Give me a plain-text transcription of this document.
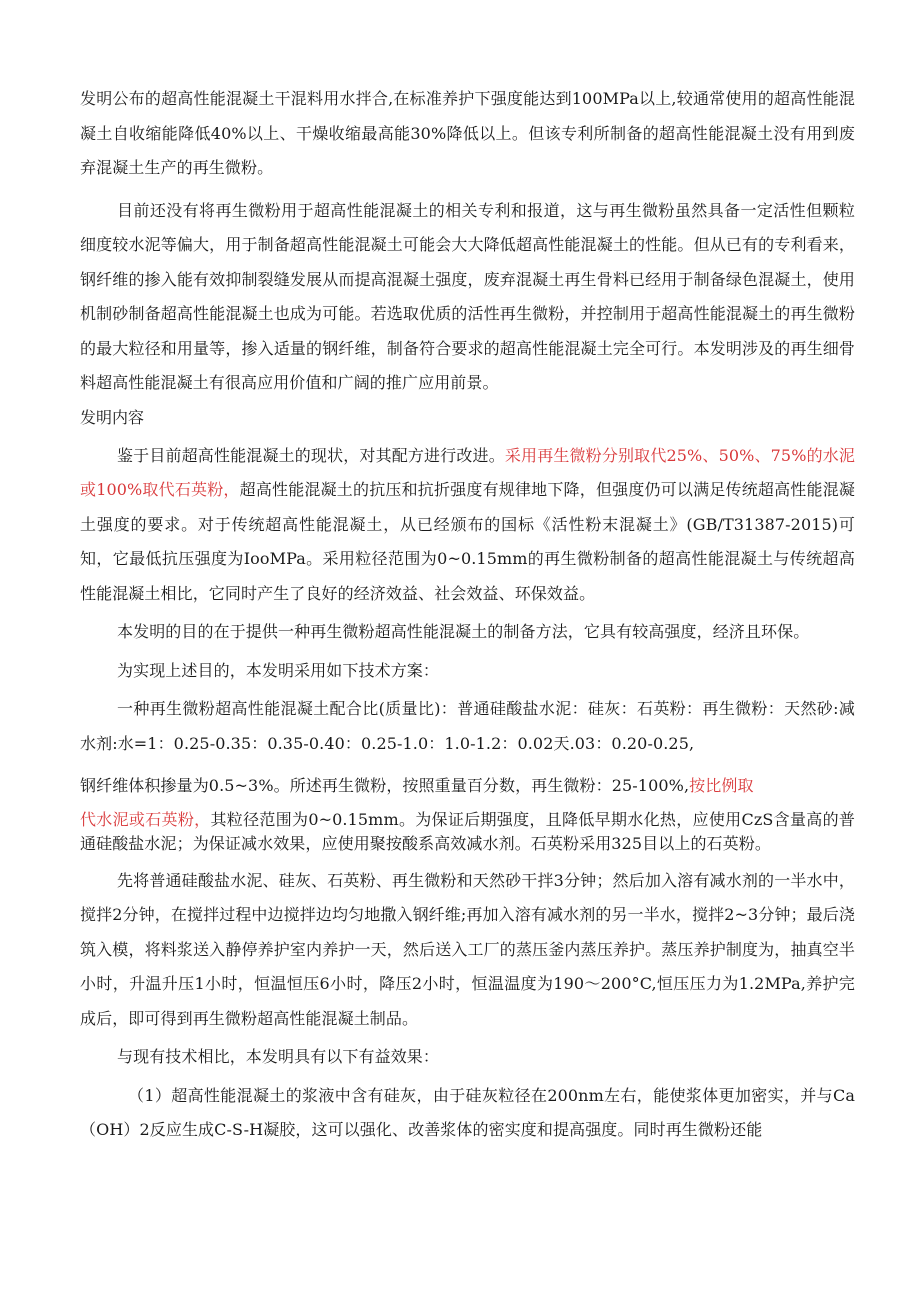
发明公布的超高性能混凝土干混料用水拌合,在标准养护下强度能达到100MPa以上,较通常使用的超高性能混凝土自收缩能降低40%以上、干燥收缩最高能30%降低以上。但该专利所制备的超高性能混凝土没有用到废弃混凝土生产的再生微粉。

目前还没有将再生微粉用于超高性能混凝土的相关专利和报道，这与再生微粉虽然具备一定活性但颗粒细度较水泥等偏大，用于制备超高性能混凝土可能会大大降低超高性能混凝土的性能。但从已有的专利看来，钢纤维的掺入能有效抑制裂缝发展从而提高混凝土强度，废弃混凝土再生骨料已经用于制备绿色混凝土，使用机制砂制备超高性能混凝土也成为可能。若选取优质的活性再生微粉，并控制用于超高性能混凝土的再生微粉的最大粒径和用量等，掺入适量的钢纤维，制备符合要求的超高性能混凝土完全可行。本发明涉及的再生细骨料超高性能混凝土有很高应用价值和广阔的推广应用前景。

发明内容

鉴于目前超高性能混凝土的现状，对其配方进行改进。采用再生微粉分别取代25%、50%、75%的水泥或100%取代石英粉，超高性能混凝土的抗压和抗折强度有规律地下降，但强度仍可以满足传统超高性能混凝土强度的要求。对于传统超高性能混凝土，从已经颁布的国标《活性粉末混凝土》(GB/T31387-2015)可知，它最低抗压强度为IooMPa。采用粒径范围为0~0.15mm的再生微粉制备的超高性能混凝土与传统超高性能混凝土相比，它同时产生了良好的经济效益、社会效益、环保效益。

本发明的目的在于提供一种再生微粉超高性能混凝土的制备方法，它具有较高强度，经济且环保。

为实现上述目的，本发明采用如下技术方案：

一种再生微粉超高性能混凝土配合比(质量比)：普通硅酸盐水泥：硅灰：石英粉：再生微粉：天然砂:减水剂:水=1：0.25-0.35：0.35-0.40：0.25-1.0：1.0-1.2：0.02天.03：0.20-0.25,

钢纤维体积掺量为0.5~3%。所述再生微粉，按照重量百分数，再生微粉：25-100%,按比例取

代水泥或石英粉，其粒径范围为0~0.15mm。为保证后期强度，且降低早期水化热，应使用CzS含量高的普通硅酸盐水泥；为保证减水效果，应使用聚按酸系高效减水剂。石英粉采用325目以上的石英粉。

先将普通硅酸盐水泥、硅灰、石英粉、再生微粉和天然砂干拌3分钟；然后加入溶有减水剂的一半水中，搅拌2分钟，在搅拌过程中边搅拌边均匀地撒入钢纤维;再加入溶有减水剂的另一半水，搅拌2~3分钟；最后浇筑入模，将料浆送入静停养护室内养护一天，然后送入工厂的蒸压釜内蒸压养护。蒸压养护制度为，抽真空半小时，升温升压1小时，恒温恒压6小时，降压2小时，恒温温度为190～200°C,恒压压力为1.2MPa,养护完成后，即可得到再生微粉超高性能混凝土制品。

与现有技术相比，本发明具有以下有益效果：

（1）超高性能混凝土的浆液中含有硅灰，由于硅灰粒径在200nm左右，能使浆体更加密实，并与Ca（OH）2反应生成C-S-H凝胶，这可以强化、改善浆体的密实度和提高强度。同时再生微粉还能
